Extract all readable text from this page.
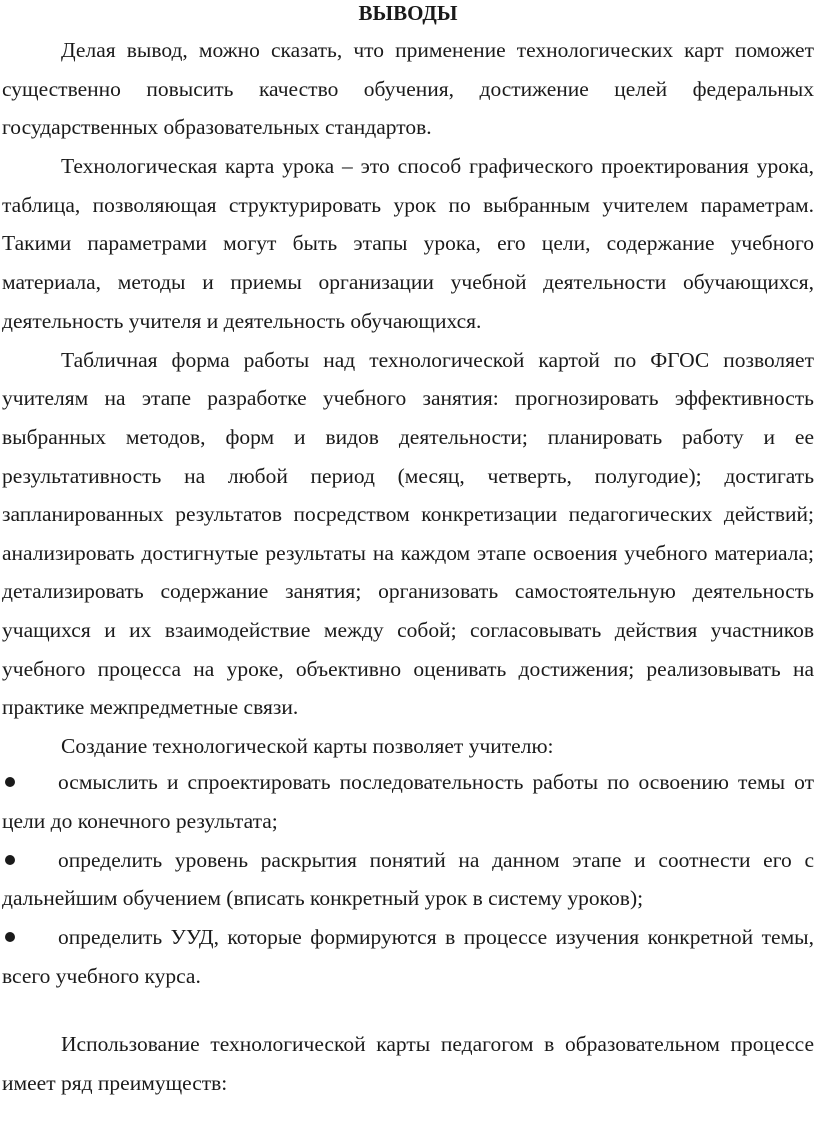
ВЫВОДЫ

Делая вывод, можно сказать, что применение технологических карт поможет существенно повысить качество обучения, достижение целей федеральных государственных образовательных стандартов.

Технологическая карта урока – это способ графического проектирования урока, таблица, позволяющая структурировать урок по выбранным учителем параметрам. Такими параметрами могут быть этапы урока, его цели, содержание учебного материала, методы и приемы организации учебной деятельности обучающихся, деятельность учителя и деятельность обучающихся.

Табличная форма работы над технологической картой по ФГОС позволяет учителям на этапе разработке учебного занятия: прогнозировать эффективность выбранных методов, форм и видов деятельности; планировать работу и ее результативность на любой период (месяц, четверть, полугодие); достигать запланированных результатов посредством конкретизации педагогических действий; анализировать достигнутые результаты на каждом этапе освоения учебного материала; детализировать содержание занятия; организовать самостоятельную деятельность учащихся и их взаимодействие между собой; согласовывать действия участников учебного процесса на уроке, объективно оценивать достижения; реализовывать на практике межпредметные связи.

Создание технологической карты позволяет учителю:

осмыслить и спроектировать последовательность работы по освоению темы от цели до конечного результата;

определить уровень раскрытия понятий на данном этапе и соотнести его с дальнейшим обучением (вписать конкретный урок в систему уроков);

определить УУД, которые формируются в процессе изучения конкретной темы, всего учебного курса.

Использование технологической карты педагогом в образовательном процессе имеет ряд преимуществ:
